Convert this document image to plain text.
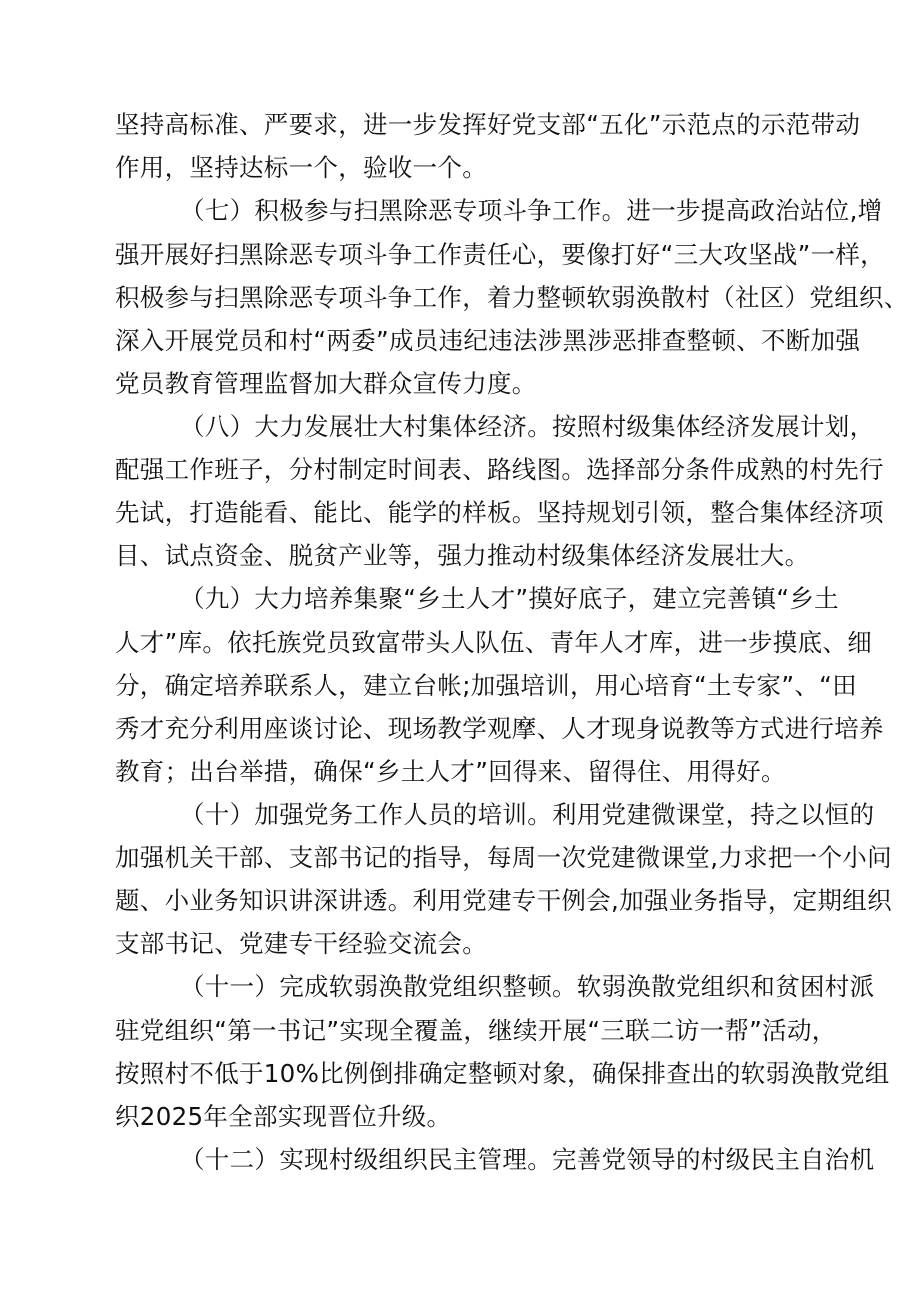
坚持高标准、严要求，进一步发挥好党支部“五化”示范点的示范带动
作用，坚持达标一个，验收一个。
（七）积极参与扫黑除恶专项斗争工作。进一步提高政治站位,增
强开展好扫黑除恶专项斗争工作责任心，要像打好“三大攻坚战”一样，
积极参与扫黑除恶专项斗争工作，着力整顿软弱涣散村（社区）党组织、
深入开展党员和村“两委”成员违纪违法涉黑涉恶排查整顿、不断加强
党员教育管理监督加大群众宣传力度。
（八）大力发展壮大村集体经济。按照村级集体经济发展计划，
配强工作班子，分村制定时间表、路线图。选择部分条件成熟的村先行
先试，打造能看、能比、能学的样板。坚持规划引领，整合集体经济项
目、试点资金、脱贫产业等，强力推动村级集体经济发展壮大。
（九）大力培养集聚“乡土人才”摸好底子，建立完善镇“乡土
人才”库。依托族党员致富带头人队伍、青年人才库，进一步摸底、细
分，确定培养联系人，建立台帐;加强培训，用心培育“土专家”、“田
秀才充分利用座谈讨论、现场教学观摩、人才现身说教等方式进行培养
教育；出台举措，确保“乡土人才”回得来、留得住、用得好。
（十）加强党务工作人员的培训。利用党建微课堂，持之以恒的
加强机关干部、支部书记的指导，每周一次党建微课堂,力求把一个小问
题、小业务知识讲深讲透。利用党建专干例会,加强业务指导，定期组织
支部书记、党建专干经验交流会。
（十一）完成软弱涣散党组织整顿。软弱涣散党组织和贫困村派
驻党组织“第一书记”实现全覆盖，继续开展“三联二访一帮”活动，
按照村不低于10%比例倒排确定整顿对象，确保排查出的软弱涣散党组
织2025年全部实现晋位升级。
（十二）实现村级组织民主管理。完善党领导的村级民主自治机
